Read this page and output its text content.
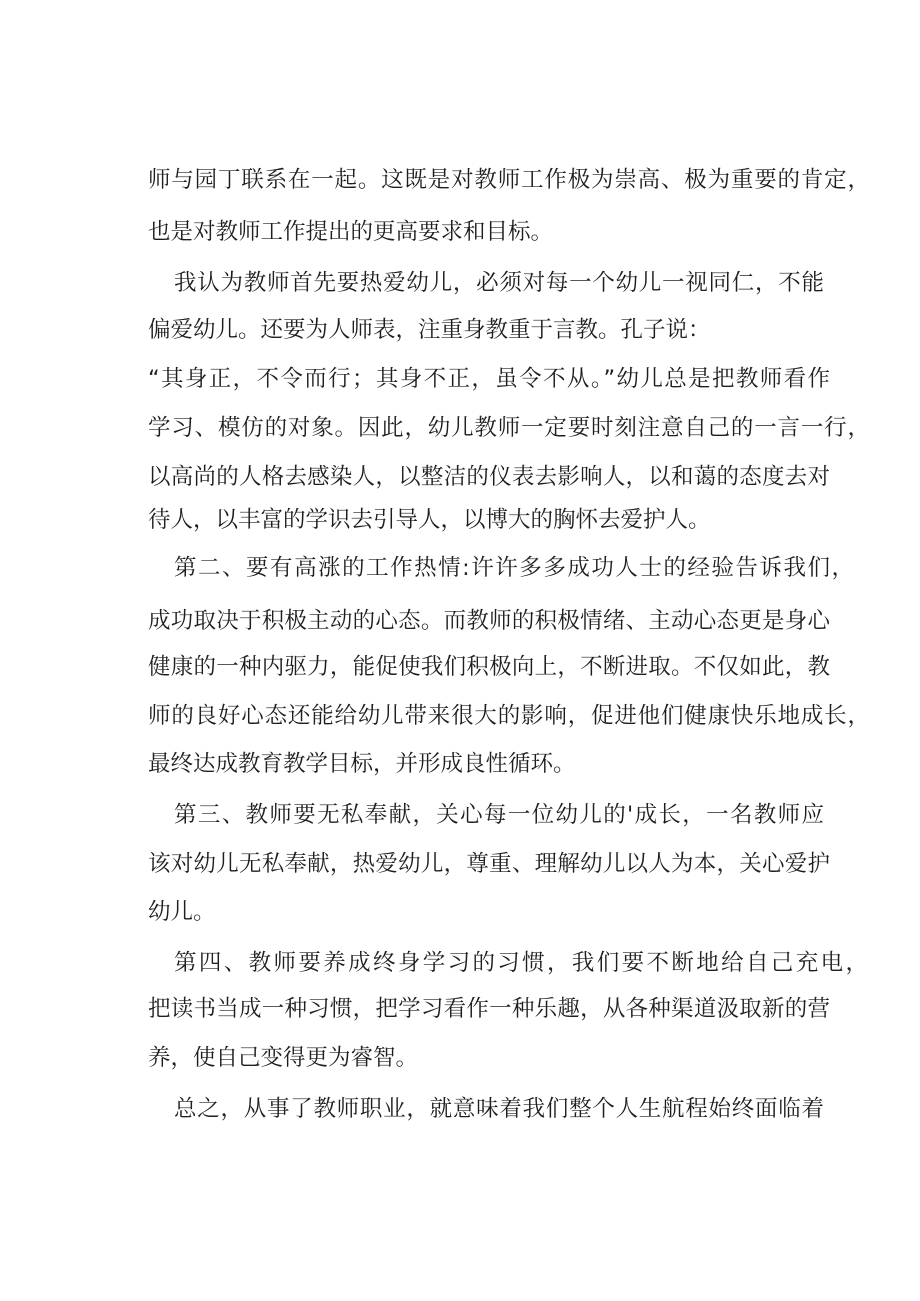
师与园丁联系在一起。这既是对教师工作极为崇高、极为重要的肯定，
也是对教师工作提出的更高要求和目标。
我认为教师首先要热爱幼儿，必须对每一个幼儿一视同仁，不能
偏爱幼儿。还要为人师表，注重身教重于言教。孔子说：
“其身正，不令而行；其身不正，虽令不从。”幼儿总是把教师看作
学习、模仿的对象。因此，幼儿教师一定要时刻注意自己的一言一行，
以高尚的人格去感染人，以整洁的仪表去影响人，以和蔼的态度去对
待人，以丰富的学识去引导人，以博大的胸怀去爱护人。
第二、要有高涨的工作热情:许许多多成功人士的经验告诉我们，
成功取决于积极主动的心态。而教师的积极情绪、主动心态更是身心
健康的一种内驱力，能促使我们积极向上，不断进取。不仅如此，教
师的良好心态还能给幼儿带来很大的影响，促进他们健康快乐地成长，
最终达成教育教学目标，并形成良性循环。
第三、教师要无私奉献，关心每一位幼儿的'成长，一名教师应
该对幼儿无私奉献，热爱幼儿，尊重、理解幼儿以人为本，关心爱护
幼儿。
第四、教师要养成终身学习的习惯，我们要不断地给自己充电，
把读书当成一种习惯，把学习看作一种乐趣，从各种渠道汲取新的营
养，使自己变得更为睿智。
总之，从事了教师职业，就意味着我们整个人生航程始终面临着
